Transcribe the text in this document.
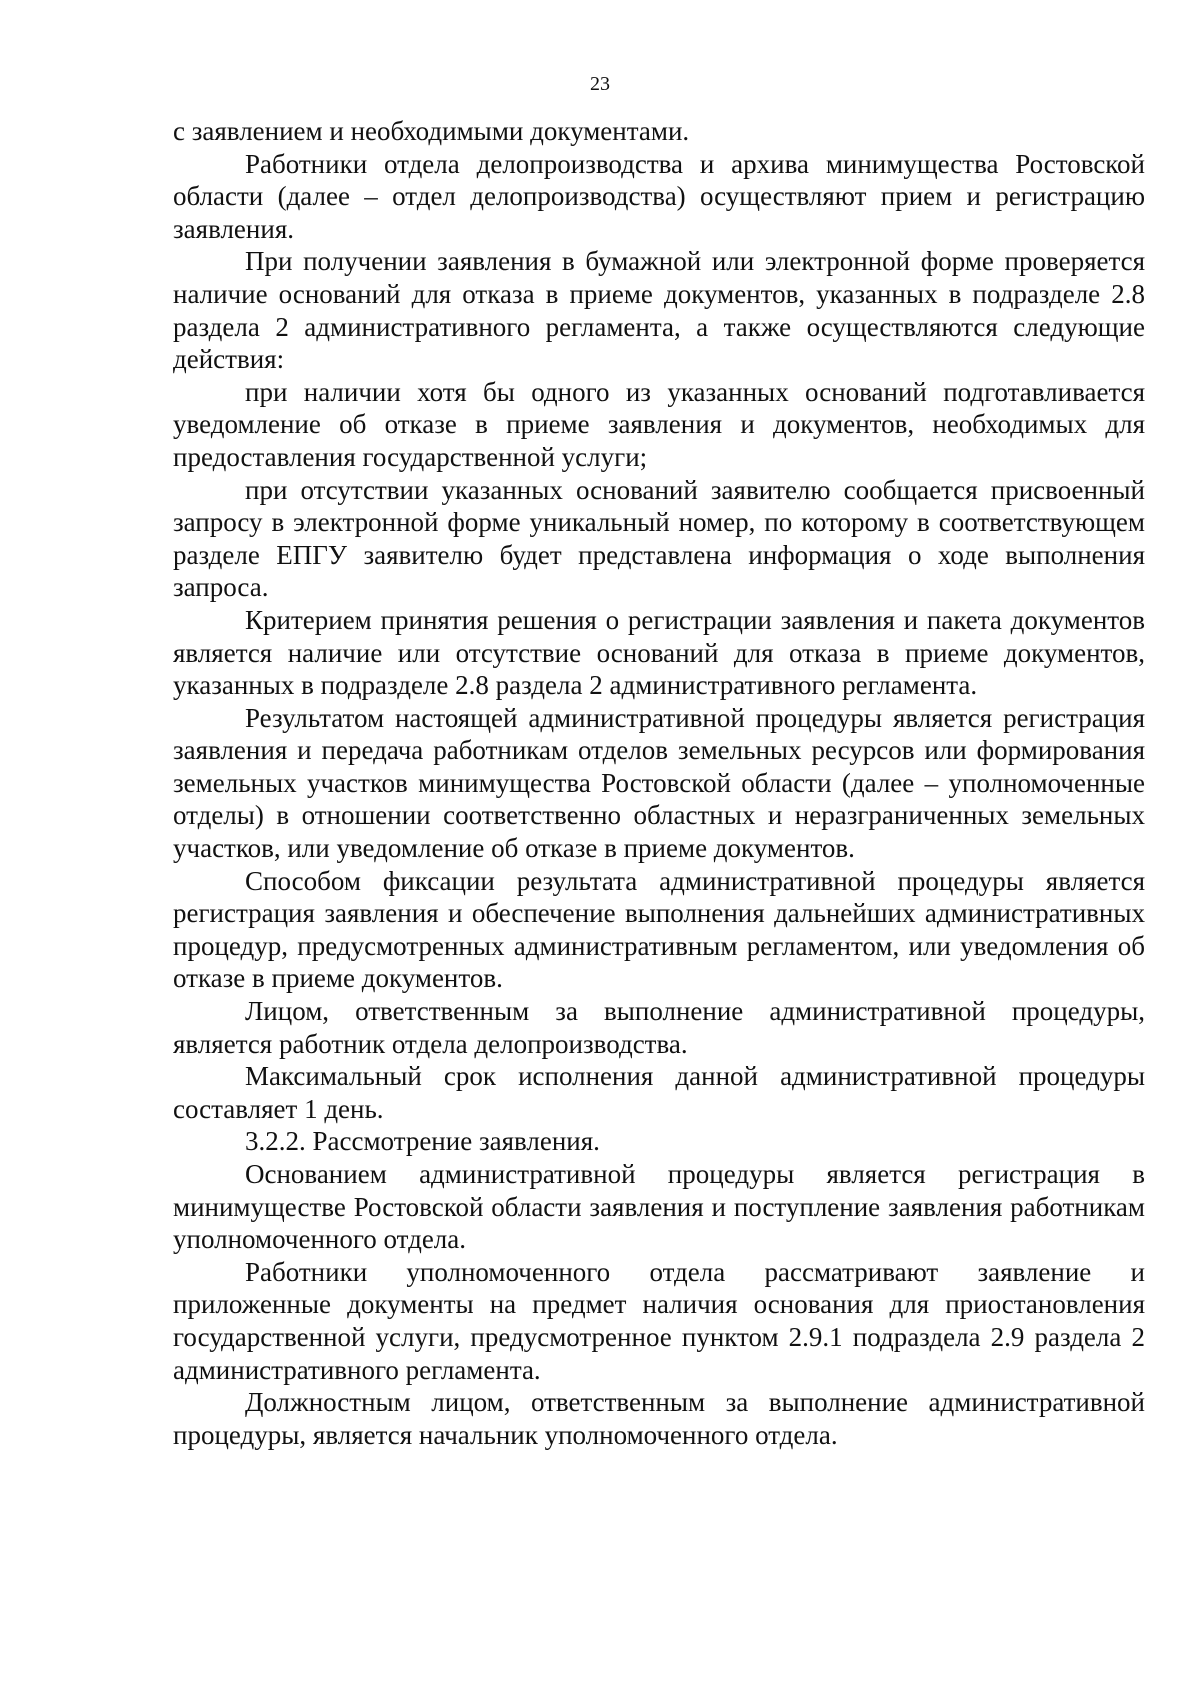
23

с заявлением и необходимыми документами.

Работники отдела делопроизводства и архива минимущества Ростовской области (далее – отдел делопроизводства) осуществляют прием и регистрацию заявления.

При получении заявления в бумажной или электронной форме проверяется наличие оснований для отказа в приеме документов, указанных в подразделе 2.8 раздела 2 административного регламента, а также осуществляются следующие действия:

при наличии хотя бы одного из указанных оснований подготавливается уведомление об отказе в приеме заявления и документов, необходимых для предоставления государственной услуги;

при отсутствии указанных оснований заявителю сообщается присвоенный запросу в электронной форме уникальный номер, по которому в соответствующем разделе ЕПГУ заявителю будет представлена информация о ходе выполнения запроса.

Критерием принятия решения о регистрации заявления и пакета документов является наличие или отсутствие оснований для отказа в приеме документов, указанных в подразделе 2.8 раздела 2 административного регламента.

Результатом настоящей административной процедуры является регистрация заявления и передача работникам отделов земельных ресурсов или формирования земельных участков минимущества Ростовской области (далее – уполномоченные отделы) в отношении соответственно областных и неразграниченных земельных участков, или уведомление об отказе в приеме документов.

Способом фиксации результата административной процедуры является регистрация заявления и обеспечение выполнения дальнейших административных процедур, предусмотренных административным регламентом, или уведомления об отказе в приеме документов.

Лицом, ответственным за выполнение административной процедуры, является работник отдела делопроизводства.

Максимальный срок исполнения данной административной процедуры составляет 1 день.

3.2.2. Рассмотрение заявления.

Основанием административной процедуры является регистрация в минимуществе Ростовской области заявления и поступление заявления работникам уполномоченного отдела.

Работники уполномоченного отдела рассматривают заявление и приложенные документы на предмет наличия основания для приостановления государственной услуги, предусмотренное пунктом 2.9.1 подраздела 2.9 раздела 2 административного регламента.

Должностным лицом, ответственным за выполнение административной процедуры, является начальник уполномоченного отдела.
